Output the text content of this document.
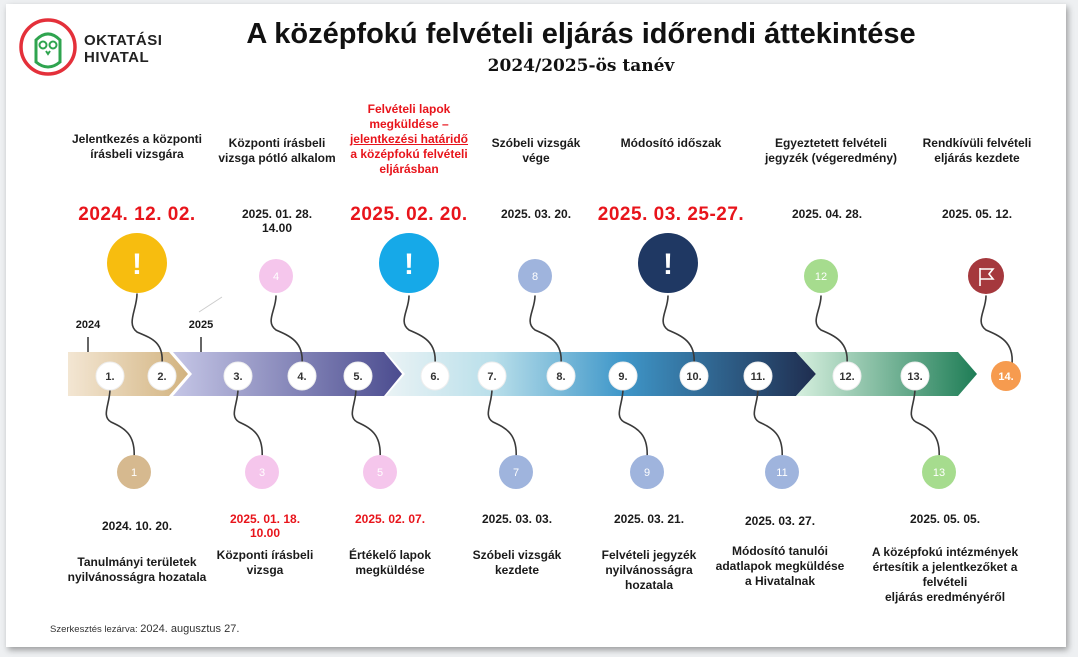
OKTATÁSI
HIVATAL
A középfokú felvételi eljárás időrendi áttekintése
2024/2025-ös tanév
1.	2.	3.	4.	5.	6.	7.	8.	9.	10.	11.	12.	13.	14.
!	4	!	8	!	12
1	3	5	7	9	11	13
2024	2025
Jelentkezés a központi
írásbeli vizsgára
2024. 12. 02.
Központi írásbeli
vizsga pótló alkalom
2025. 01. 28.
14.00
Felvételi lapok
megküldése –
jelentkezési határidő
a középfokú felvételi
eljárásban
2025. 02. 20.
Szóbeli vizsgák
vége
2025. 03. 20.
Módosító időszak
2025. 03. 25-27.
Egyeztetett felvételi
jegyzék (végeredmény)
2025. 04. 28.
Rendkívüli felvételi
eljárás kezdete
2025. 05. 12.
2024. 10. 20.
Tanulmányi területek
nyilvánosságra hozatala
2025. 01. 18.
10.00
Központi írásbeli
vizsga
2025. 02. 07.
Értékelő lapok
megküldése
2025. 03. 03.
Szóbeli vizsgák
kezdete
2025. 03. 21.
Felvételi jegyzék
nyilvánosságra
hozatala
2025. 03. 27.
Módosító tanulói
adatlapok megküldése
a Hivatalnak
2025. 05. 05.
A középfokú intézmények
értesítik a jelentkezőket a
felvételi
eljárás eredményéről
Szerkesztés lezárva: 2024. augusztus 27.
